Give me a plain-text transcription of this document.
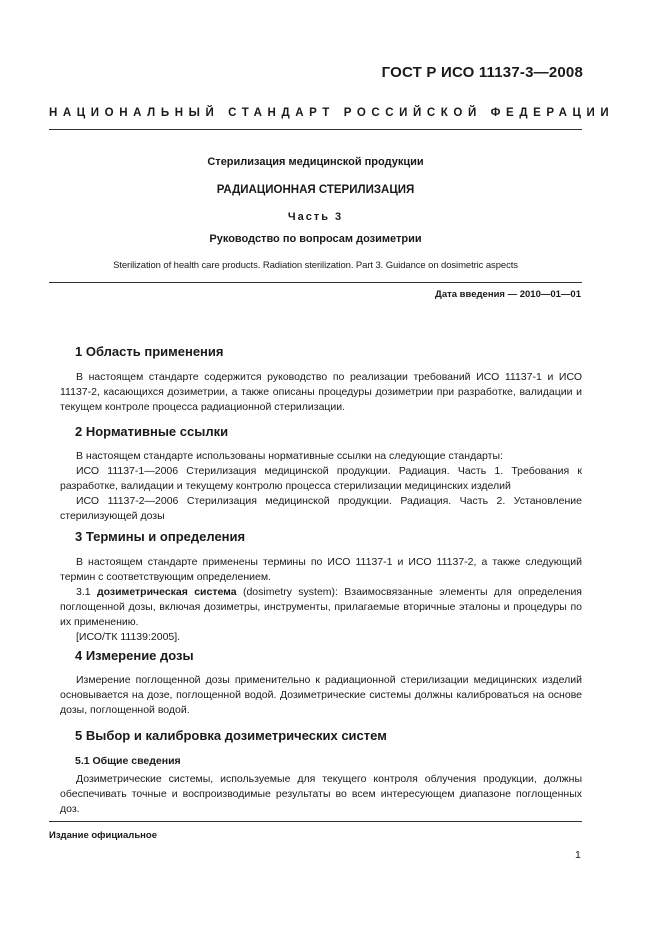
ГОСТ Р ИСО 11137-3—2008
НАЦИОНАЛЬНЫЙ СТАНДАРТ РОССИЙСКОЙ ФЕДЕРАЦИИ
Стерилизация медицинской продукции
РАДИАЦИОННАЯ СТЕРИЛИЗАЦИЯ
Часть 3
Руководство по вопросам дозиметрии
Sterilization of health care products. Radiation sterilization. Part 3. Guidance on dosimetric aspects
Дата введения — 2010—01—01
1 Область применения

В настоящем стандарте содержится руководство по реализации требований ИСО 11137-1 и ИСО 11137-2, касающихся дозиметрии, а также описаны процедуры дозиметрии при разработке, валидации и текущем контроле процесса радиационной стерилизации.

2 Нормативные ссылки

В настоящем стандарте использованы нормативные ссылки на следующие стандарты:

ИСО 11137-1—2006 Стерилизация медицинской продукции. Радиация. Часть 1. Требования к разработке, валидации и текущему контролю процесса стерилизации медицинских изделий

ИСО 11137-2—2006 Стерилизация медицинской продукции. Радиация. Часть 2. Установление стерилизующей дозы

3 Термины и определения

В настоящем стандарте применены термины по ИСО 11137-1 и ИСО 11137-2, а также следующий термин с соответствующим определением.

3.1 дозиметрическая система (dosimetry system): Взаимосвязанные элементы для определения поглощенной дозы, включая дозиметры, инструменты, прилагаемые вторичные эталоны и процедуры по их применению.

[ИСО/ТК 11139:2005].

4 Измерение дозы

Измерение поглощенной дозы применительно к радиационной стерилизации медицинских изделий основывается на дозе, поглощенной водой. Дозиметрические системы должны калиброваться на основе дозы, поглощенной водой.

5 Выбор и калибровка дозиметрических систем
5.1 Общие сведения

Дозиметрические системы, используемые для текущего контроля облучения продукции, должны обеспечивать точные и воспроизводимые результаты во всем интересующем диапазоне поглощенных доз.

Издание официальное
1
